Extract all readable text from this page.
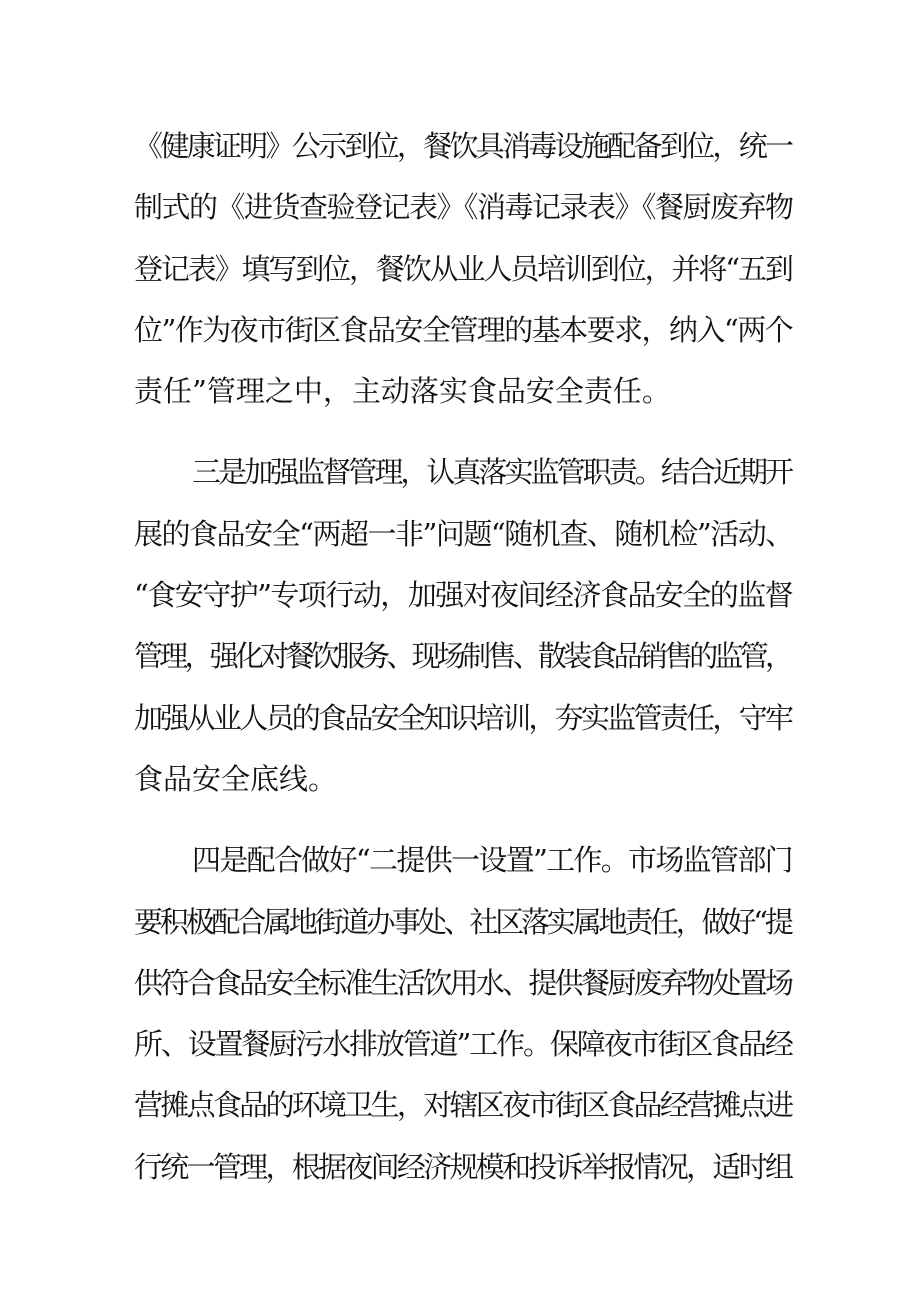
《健康证明》公示到位，餐饮具消毒设施配备到位，统一
制式的《进货查验登记表》《消毒记录表》《餐厨废弃物
登记表》填写到位，餐饮从业人员培训到位，并将“五到
位”作为夜市街区食品安全管理的基本要求，纳入“两个
责任”管理之中，主动落实食品安全责任。

三是加强监督管理，认真落实监管职责。结合近期开
展的食品安全“两超一非”问题“随机查、随机检”活动、
“食安守护”专项行动，加强对夜间经济食品安全的监督
管理，强化对餐饮服务、现场制售、散装食品销售的监管，
加强从业人员的食品安全知识培训，夯实监管责任，守牢
食品安全底线。

四是配合做好“二提供一设置”工作。市场监管部门
要积极配合属地街道办事处、社区落实属地责任，做好“提
供符合食品安全标准生活饮用水、提供餐厨废弃物处置场
所、设置餐厨污水排放管道”工作。保障夜市街区食品经
营摊点食品的环境卫生，对辖区夜市街区食品经营摊点进
行统一管理，根据夜间经济规模和投诉举报情况，适时组
